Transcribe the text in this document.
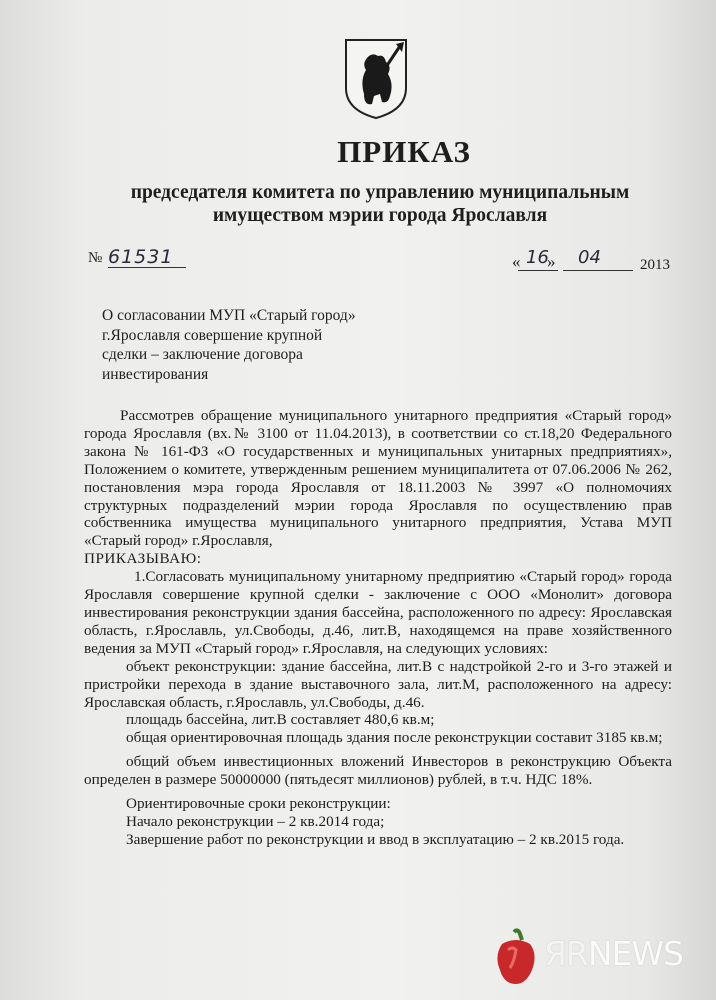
ПРИКАЗ
председателя комитета по управлению муниципальным
имуществом мэрии города Ярославля
№ 61531	« 16
» 04	2013
О согласовании МУП «Старый город»
г.Ярославля совершение крупной
сделки – заключение договора
инвестирования
Рассмотрев обращение муниципального унитарного предприятия «Старый город» города Ярославля (вх.№ 3100 от 11.04.2013), в соответствии со ст.18,20 Федерального закона № 161-ФЗ «О государственных и муниципальных унитарных предприятиях», Положением о комитете, утвержденным решением муниципалитета от 07.06.2006 № 262, постановления мэра города Ярославля от 18.11.2003 № 3997 «О полномочиях структурных подразделений мэрии города Ярославля по осуществлению прав собственника имущества муниципального унитарного предприятия, Устава МУП «Старый город» г.Ярославля,
ПРИКАЗЫВАЮ:
1.Согласовать муниципальному унитарному предприятию «Старый город» города Ярославля совершение крупной сделки - заключение с ООО «Монолит» договора инвестирования реконструкции здания бассейна, расположенного по адресу: Ярославская область, г.Ярославль, ул.Свободы, д.46, лит.В, находящемся на праве хозяйственного ведения за МУП «Старый город» г.Ярославля, на следующих условиях:
объект реконструкции: здание бассейна, лит.В с надстройкой 2-го и 3-го этажей и пристройки перехода в здание выставочного зала, лит.М, расположенного на адресу: Ярославская область, г.Ярославль, ул.Свободы, д.46.
площадь бассейна, лит.В составляет 480,6 кв.м;
общая ориентировочная площадь здания после реконструкции составит 3185 кв.м;
общий объем инвестиционных вложений Инвесторов в реконструкцию Объекта определен в размере 50000000 (пятьдесят миллионов) рублей, в т.ч. НДС 18%.
Ориентировочные сроки реконструкции:
Начало реконструкции – 2 кв.2014 года;
Завершение работ по реконструкции и ввод в эксплуатацию – 2 кв.2015 года.
ЯRNEWS
